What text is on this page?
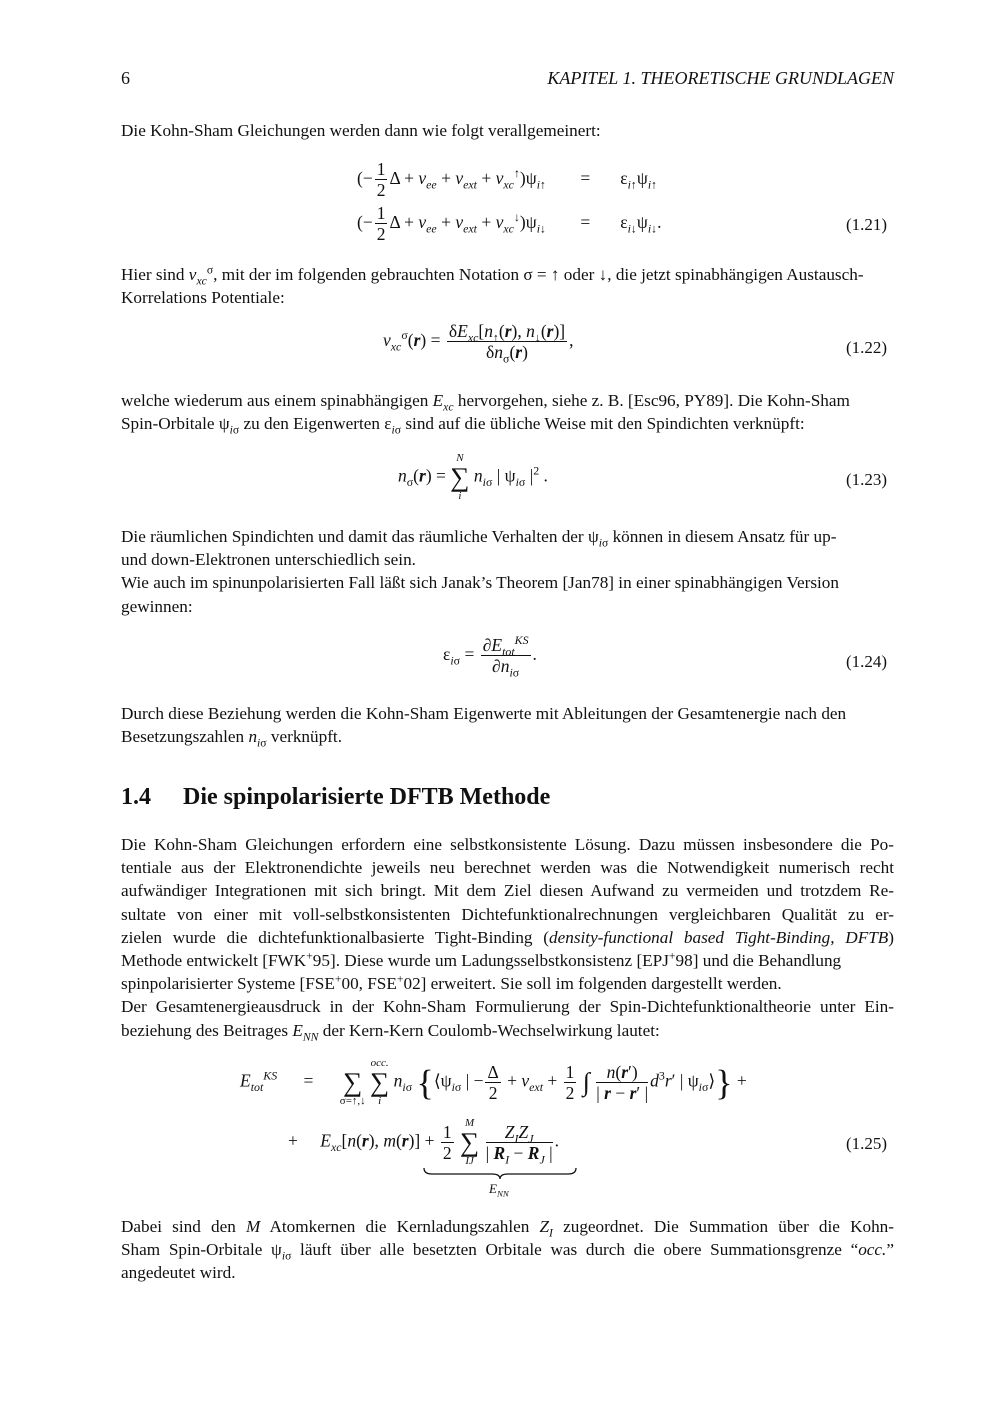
6	KAPITEL 1. THEORETISCHE GRUNDLAGEN
Die Kohn-Sham Gleichungen werden dann wie folgt verallgemeinert:
(− $\frac{1}{2}$ $\Delta + v_{ee} + v_{ext} + v_{xc}^↑)\psi_{i↑} = \varepsilon_{i↑}\psi_{i↑}$
(− $\frac{1}{2}$ $\Delta + v_{ee} + v_{ext} + v_{xc}^↓)\psi_{i↓} = \varepsilon_{i↓}\psi_{i↓}$.	(1.21)
Hier sind $v_{xc}^\sigma$, mit der im folgenden gebrauchten Notation σ = ↑ oder ↓, die jetzt spinabhängigen Austausch-
Korrelations Potentiale:
$v_{xc}^\sigma(r) = \frac{\delta E_{xc}[n_↑(r), n_↓(r)]}{\delta n_\sigma(r)}$ ,	(1.22)
welche wiederum aus einem spinabhängigen $E_{xc}$ hervorgehen, siehe z. B. [Esc96, PY89]. Die Kohn-Sham
Spin-Orbitale $\psi_{i\sigma}$ zu den Eigenwerten $\varepsilon_{i\sigma}$ sind auf die übliche Weise mit den Spindichten verknüpft:
$n_\sigma(r)$ =
N
∑
i
$n_{i\sigma}$ | $\psi_{i\sigma}$ $|^2$ .	(1.23)
Die räumlichen Spindichten und damit das räumliche Verhalten der $\psi_{i\sigma}$ können in diesem Ansatz für up-
und down-Elektronen unterschiedlich sein.
Wie auch im spinunpolarisierten Fall läßt sich Janak’s Theorem [Jan78] in einer spinabhängigen Version
gewinnen:
$\varepsilon_{i\sigma} = \frac{\partial E_{tot}^{KS}}{\partial n_{i\sigma}}$ .	(1.24)
Durch diese Beziehung werden die Kohn-Sham Eigenwerte mit Ableitungen der Gesamtenergie nach den
Besetzungszahlen $n_{i\sigma}$ verknüpft.
1.4 Die spinpolarisierte DFTB Methode
Die Kohn-Sham Gleichungen erfordern eine selbstkonsistente Lösung. Dazu müssen insbesondere die Po-
tentiale aus der Elektronendichte jeweils neu berechnet werden was die Notwendigkeit numerisch recht
aufwändiger Integrationen mit sich bringt. Mit dem Ziel diesen Aufwand zu vermeiden und trotzdem Re-
sultate von einer mit voll-selbstkonsistenten Dichtefunktionalrechnungen vergleichbaren Qualität zu er-
zielen wurde die dichtefunktionalbasierte Tight-Binding (density-functional based Tight-Binding, DFTB)
Methode entwickelt [FWK+95]. Diese wurde um Ladungsselbstkonsistenz [EPJ+98] und die Behandlung
spinpolarisierter Systeme [FSE+00, FSE+02] erweitert. Sie soll im folgenden dargestellt werden.
Der Gesamtenergieausdruck in der Kohn-Sham Formulierung der Spin-Dichtefunktionaltheorie unter Ein-
beziehung des Beitrages $E_{NN}$ der Kern-Kern Coulomb-Wechselwirkung lautet:
$E_{tot}^{KS}$ =
∑
σ=↑,↓

occ.
∑
i
$n_{i\sigma}$ {$⟨\psi_{i\sigma}$ | − $\frac{\Delta}{2} + v_{ext} + \frac{1}{2}$ ∫ $\frac{n(r')}{| r - r' |} d^3r'$ | $\psi_{i\sigma}⟩$} +
+ $E_{xc}[n(r)$, $m(r)] + \frac{1}{2}$
	M
∑
IJ
$\frac{Z_IZ_J}{| R_I - R_J |}$ .
$E_{NN}$
(1.25)
Dabei sind den M Atomkernen die Kernladungszahlen $Z_I$ zugeordnet. Die Summation über die Kohn-
Sham Spin-Orbitale $\psi_{i\sigma}$ läuft über alle besetzten Orbitale was durch die obere Summationsgrenze “occ.”
angedeutet wird.
